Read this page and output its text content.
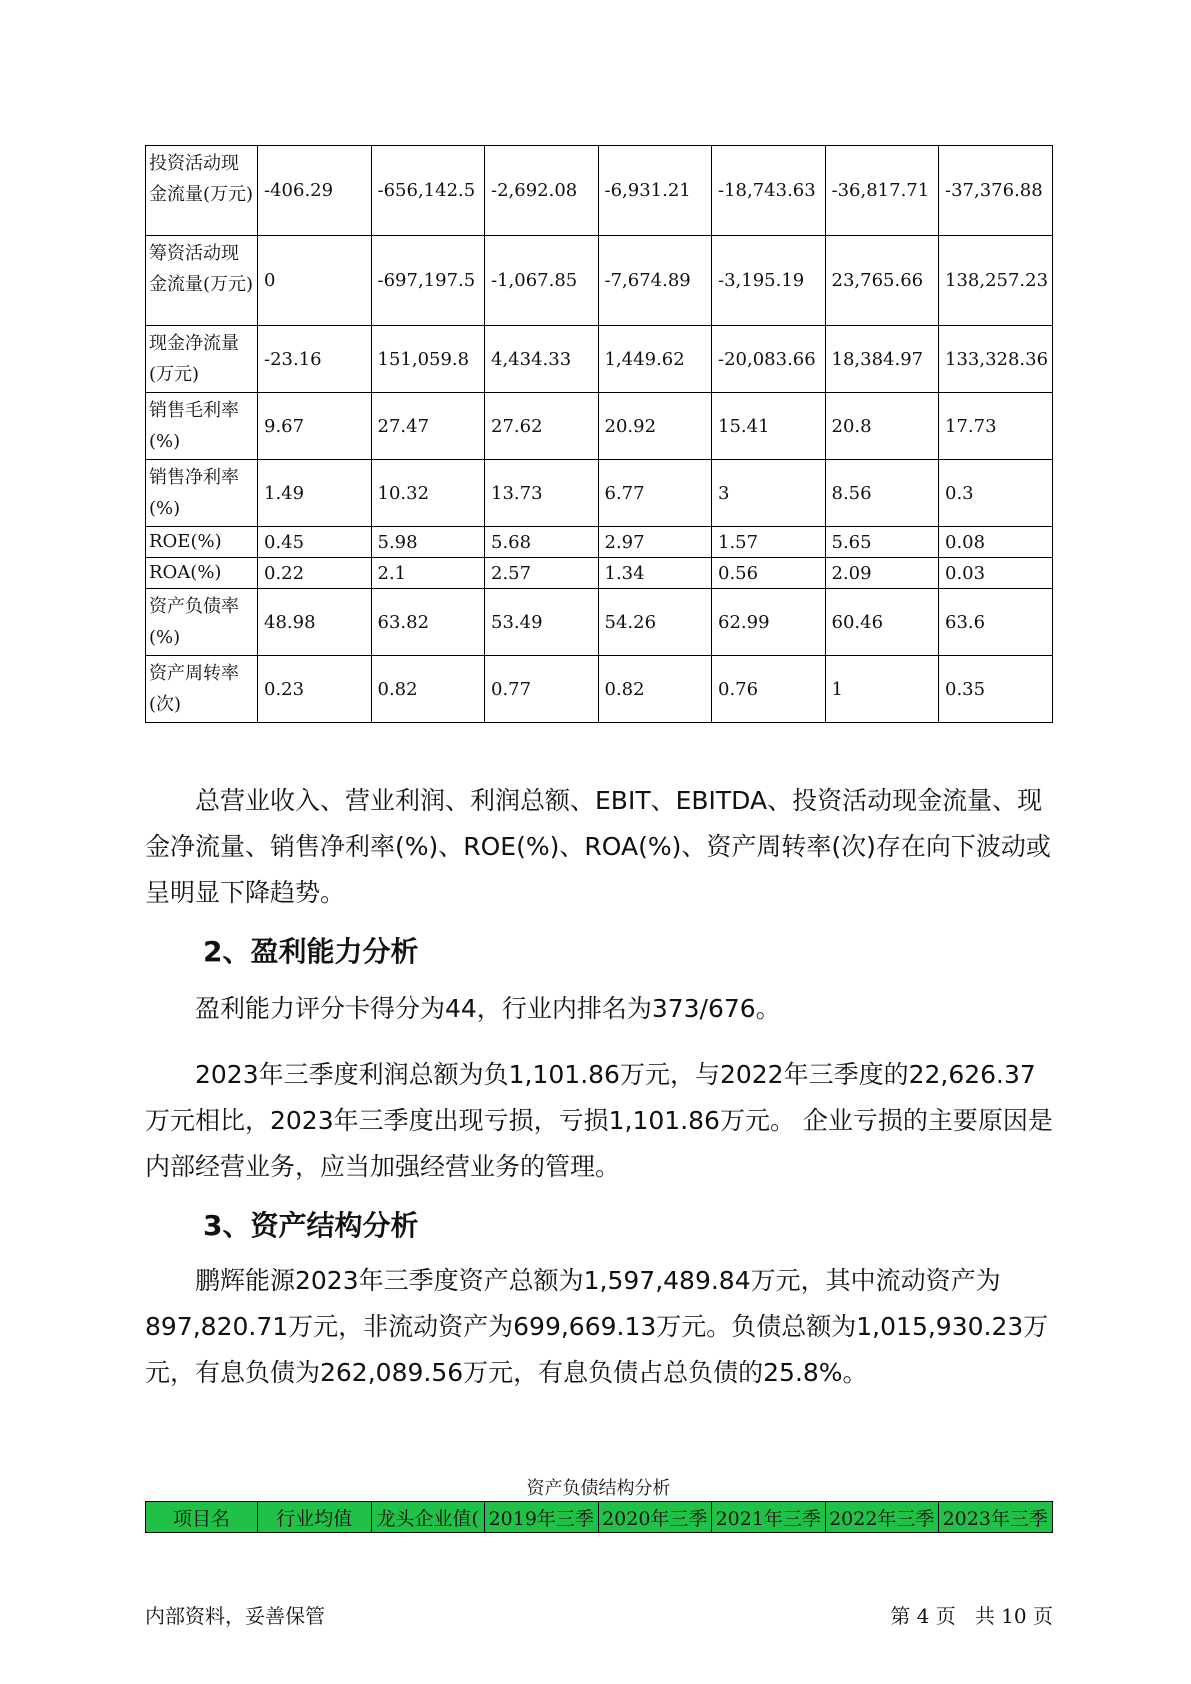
投资活动现金流量(万元)	-406.29	-656,142.5	-2,692.08	-6,931.21	-18,743.63	-36,817.71	-37,376.88
筹资活动现金流量(万元)	0	-697,197.5	-1,067.85	-7,674.89	-3,195.19	23,765.66	138,257.23
现金净流量(万元)	-23.16	151,059.8	4,434.33	1,449.62	-20,083.66	18,384.97	133,328.36
销售毛利率(%)	9.67	27.47	27.62	20.92	15.41	20.8	17.73
销售净利率(%)	1.49	10.32	13.73	6.77	3	8.56	0.3
ROE(%)	0.45	5.98	5.68	2.97	1.57	5.65	0.08
ROA(%)	0.22	2.1	2.57	1.34	0.56	2.09	0.03
资产负债率(%)	48.98	63.82	53.49	54.26	62.99	60.46	63.6
资产周转率(次)	0.23	0.82	0.77	0.82	0.76	1	0.35

总营业收入、营业利润、利润总额、EBIT、EBITDA、投资活动现金流量、现金净流量、销售净利率(%)、ROE(%)、ROA(%)、资产周转率(次)存在向下波动或呈明显下降趋势。

2、盈利能力分析

盈利能力评分卡得分为44，行业内排名为373/676。

2023年三季度利润总额为负1,101.86万元，与2022年三季度的22,626.37万元相比，2023年三季度出现亏损，亏损1,101.86万元。 企业亏损的主要原因是内部经营业务，应当加强经营业务的管理。

3、资产结构分析

鹏辉能源2023年三季度资产总额为1,597,489.84万元，其中流动资产为897,820.71万元，非流动资产为699,669.13万元。负债总额为1,015,930.23万元，有息负债为262,089.56万元，有息负债占总负债的25.8%。

资产负债结构分析
项目名	行业均值	龙头企业值(	2019年三季	2020年三季	2021年三季	2022年三季	2023年三季
内部资料，妥善保管	第 4 页   共 10 页
